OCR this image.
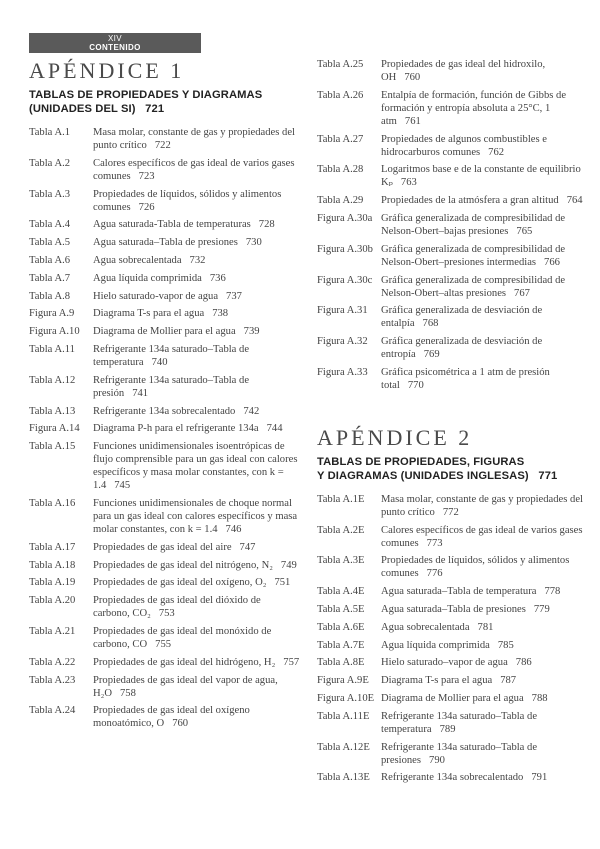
XIV
CONTENIDO
APÉNDICE 1
TABLAS DE PROPIEDADES Y DIAGRAMAS
(UNIDADES DEL SI) 721
Tabla A.1	Masa molar, constante de gas y propiedades del punto crítico 722
Tabla A.2	Calores específicos de gas ideal de varios gases comunes 723
Tabla A.3	Propiedades de líquidos, sólidos y alimentos comunes 726
Tabla A.4	Agua saturada-Tabla de temperaturas 728
Tabla A.5	Agua saturada–Tabla de presiones 730
Tabla A.6	Agua sobrecalentada 732
Tabla A.7	Agua líquida comprimida 736
Tabla A.8	Hielo saturado-vapor de agua 737
Figura A.9	Diagrama T-s para el agua 738
Figura A.10	Diagrama de Mollier para el agua 739
Tabla A.11	Refrigerante 134a saturado–Tabla de temperatura 740
Tabla A.12	Refrigerante 134a saturado–Tabla de presión 741
Tabla A.13	Refrigerante 134a sobrecalentado 742
Figura A.14	Diagrama P-h para el refrigerante 134a 744
Tabla A.15	Funciones unidimensionales isoentrópicas de flujo comprensible para un gas ideal con calores específicos y masa molar constantes, con k = 1.4 745
Tabla A.16	Funciones unidimensionales de choque normal para un gas ideal con calores específicos y masa molar constantes, con k = 1.4 746
Tabla A.17	Propiedades de gas ideal del aire 747
Tabla A.18	Propiedades de gas ideal del nitrógeno, N₂ 749
Tabla A.19	Propiedades de gas ideal del oxígeno, O₂ 751
Tabla A.20	Propiedades de gas ideal del dióxido de carbono, CO₂ 753
Tabla A.21	Propiedades de gas ideal del monóxido de carbono, CO 755
Tabla A.22	Propiedades de gas ideal del hidrógeno, H₂ 757
Tabla A.23	Propiedades de gas ideal del vapor de agua, H₂O 758
Tabla A.24	Propiedades de gas ideal del oxígeno monoatómico, O 760
Tabla A.25	Propiedades de gas ideal del hidroxilo, OH 760
Tabla A.26	Entalpía de formación, función de Gibbs de formación y entropía absoluta a 25°C, 1 atm 761
Tabla A.27	Propiedades de algunos combustibles e hidrocarburos comunes 762
Tabla A.28	Logaritmos base e de la constante de equilibrio Kₚ 763
Tabla A.29	Propiedades de la atmósfera a gran altitud 764
Figura A.30a Gráfica generalizada de compresibilidad de Nelson-Obert–bajas presiones 765
Figura A.30b Gráfica generalizada de compresibilidad de Nelson-Obert–presiones intermedias 766
Figura A.30c Gráfica generalizada de compresibilidad de Nelson-Obert–altas presiones 767
Figura A.31	Gráfica generalizada de desviación de entalpía 768
Figura A.32	Gráfica generalizada de desviación de entropía 769
Figura A.33	Gráfica psicométrica a 1 atm de presión total 770
APÉNDICE 2
TABLAS DE PROPIEDADES, FIGURAS
Y DIAGRAMAS (UNIDADES INGLESAS) 771
Tabla A.1E	Masa molar, constante de gas y propiedades del punto crítico 772
Tabla A.2E	Calores específicos de gas ideal de varios gases comunes 773
Tabla A.3E	Propiedades de líquidos, sólidos y alimentos comunes 776
Tabla A.4E	Agua saturada–Tabla de temperatura 778
Tabla A.5E	Agua saturada–Tabla de presiones 779
Tabla A.6E	Agua sobrecalentada 781
Tabla A.7E	Agua líquida comprimida 785
Tabla A.8E	Hielo saturado–vapor de agua 786
Figura A.9E	Diagrama T-s para el agua 787
Figura A.10E Diagrama de Mollier para el agua 788
Tabla A.11E	Refrigerante 134a saturado–Tabla de temperatura 789
Tabla A.12E	Refrigerante 134a saturado–Tabla de presiones 790
Tabla A.13E	Refrigerante 134a sobrecalentado 791
